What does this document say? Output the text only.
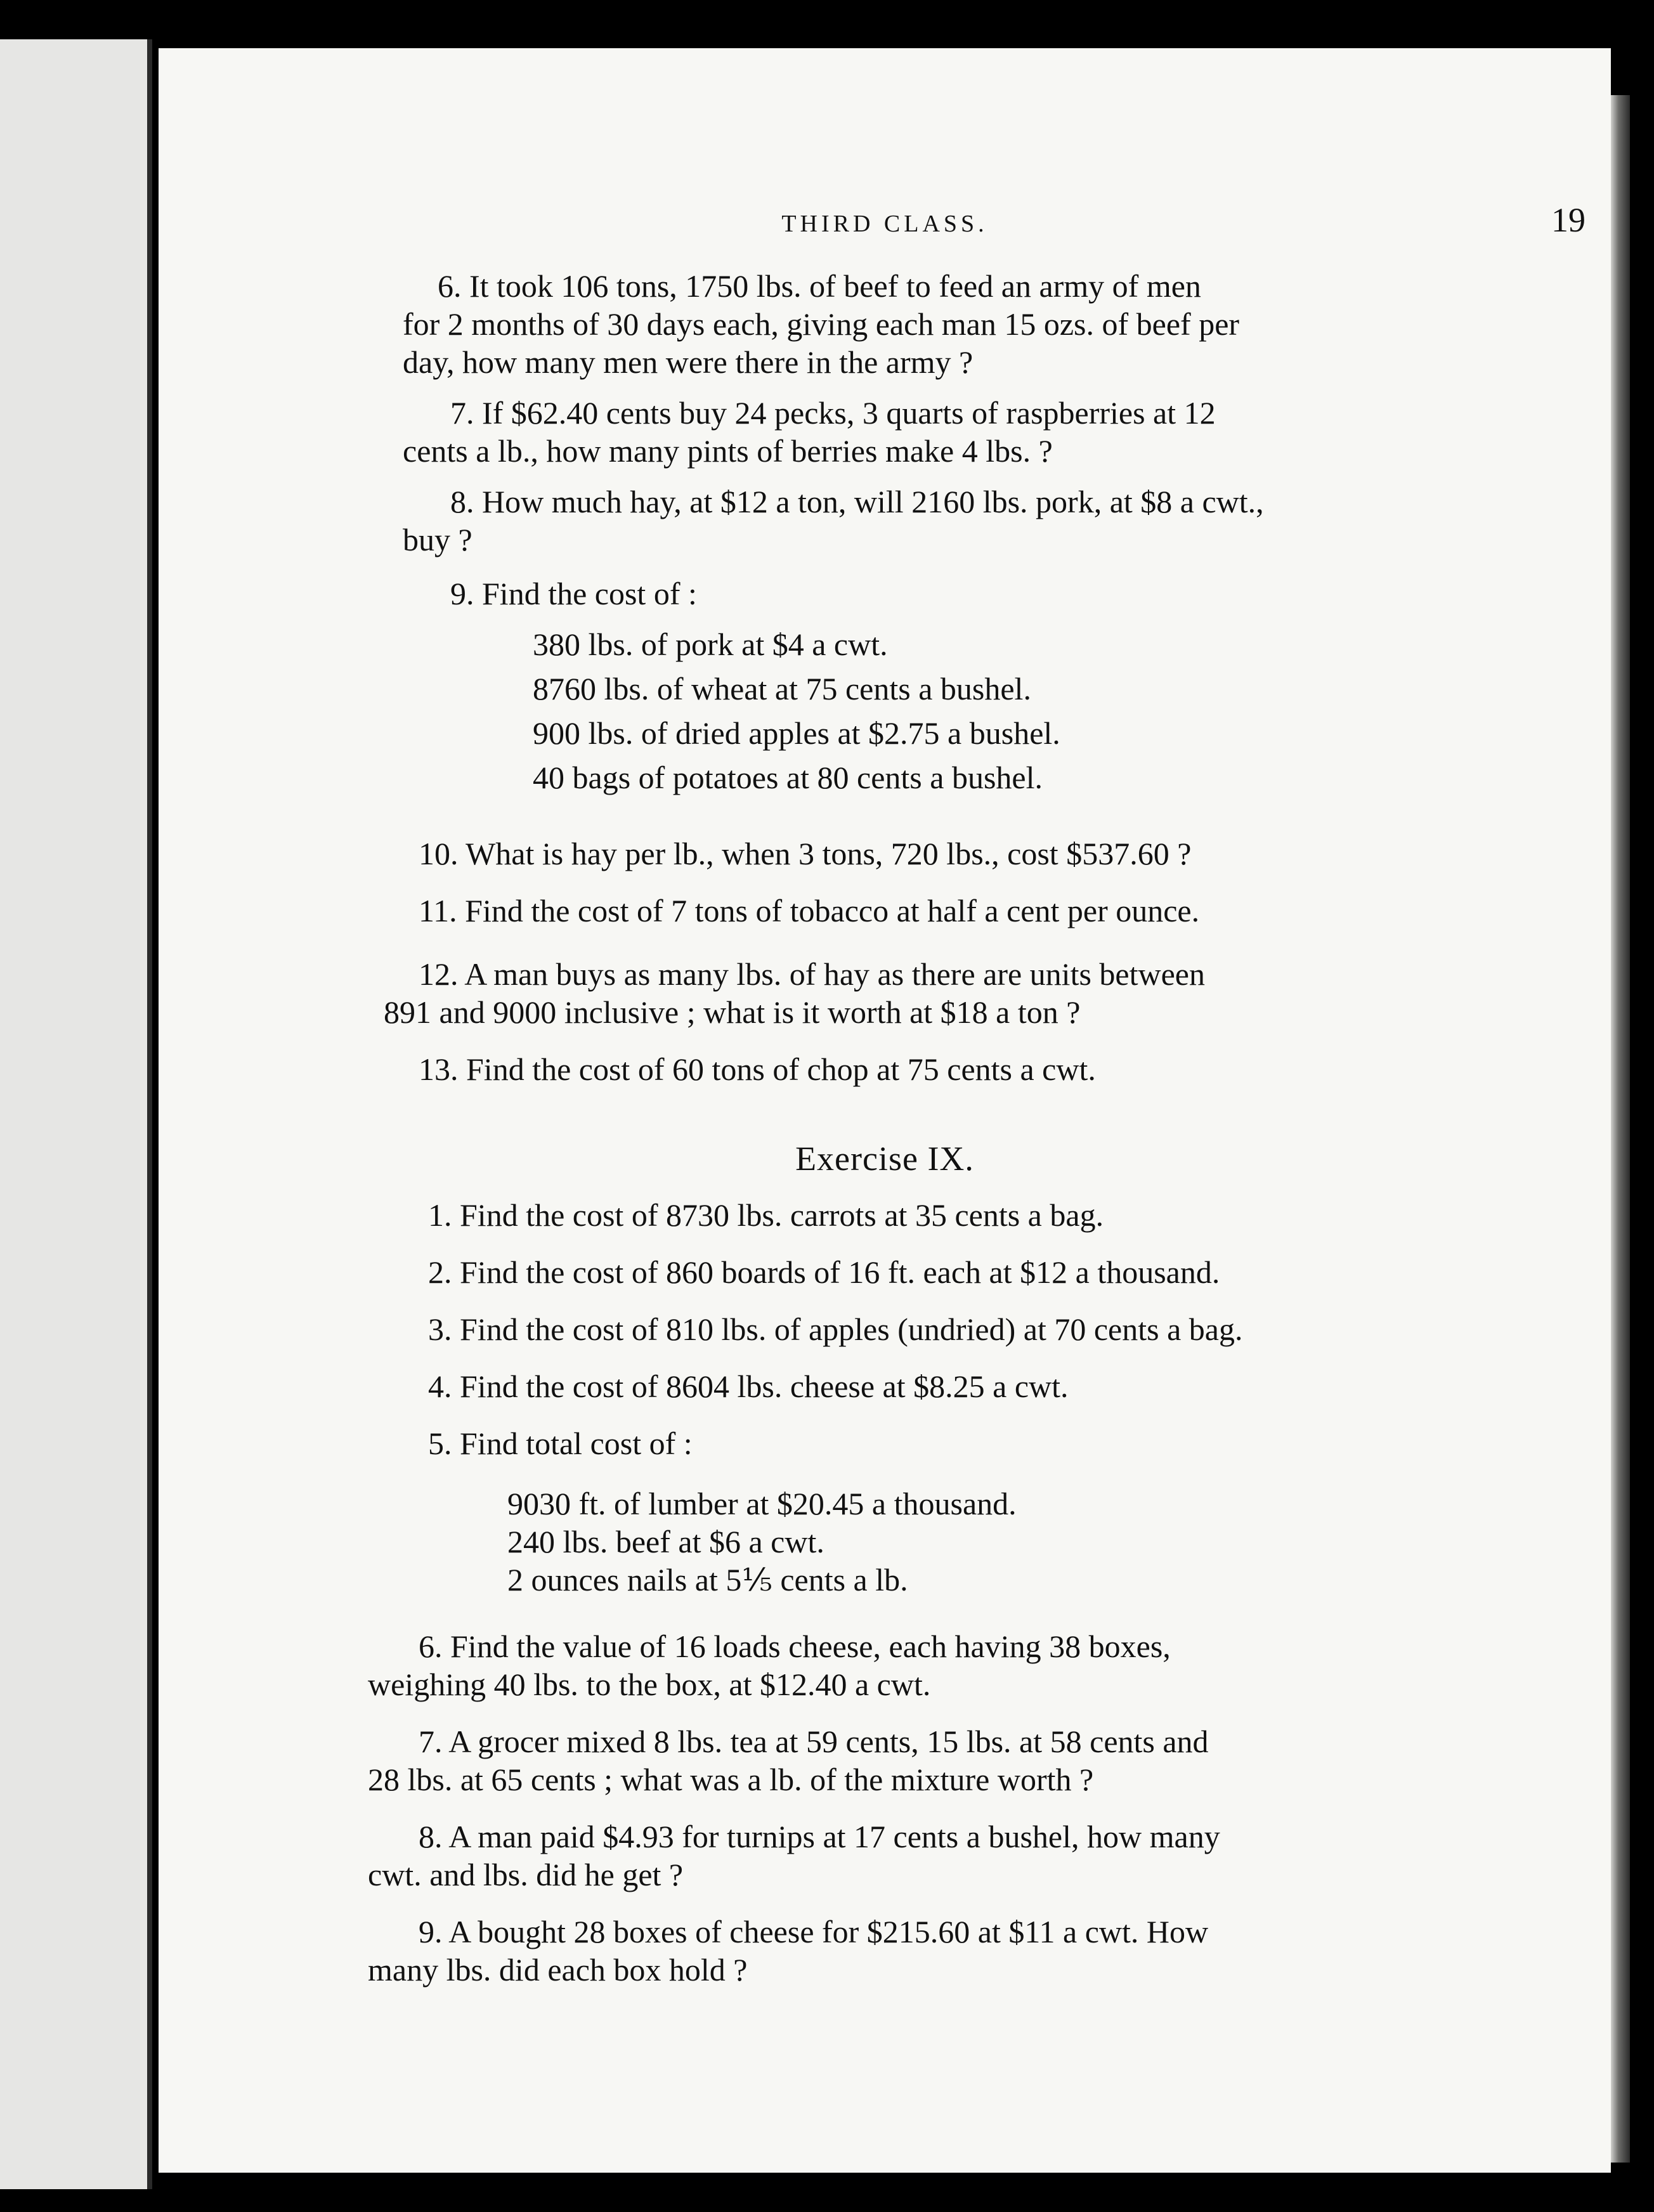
THIRD CLASS.	19
6. It took 106 tons, 1750 lbs. of beef to feed an army of men
for 2 months of 30 days each, giving each man 15 ozs. of beef per
day, how many men were there in the army ?
7. If $62.40 cents buy 24 pecks, 3 quarts of raspberries at 12
cents a lb., how many pints of berries make 4 lbs. ?
8. How much hay, at $12 a ton, will 2160 lbs. pork, at $8 a cwt.,
buy ?
9. Find the cost of :
380 lbs. of pork at $4 a cwt.
8760 lbs. of wheat at 75 cents a bushel.
900 lbs. of dried apples at $2.75 a bushel.
40 bags of potatoes at 80 cents a bushel.
10. What is hay per lb., when 3 tons, 720 lbs., cost $537.60 ?
11. Find the cost of 7 tons of tobacco at half a cent per ounce.
12. A man buys as many lbs. of hay as there are units between
891 and 9000 inclusive ; what is it worth at $18 a ton ?
13. Find the cost of 60 tons of chop at 75 cents a cwt.
Exercise IX.
1. Find the cost of 8730 lbs. carrots at 35 cents a bag.
2. Find the cost of 860 boards of 16 ft. each at $12 a thousand.
3. Find the cost of 810 lbs. of apples (undried) at 70 cents a bag.
4. Find the cost of 8604 lbs. cheese at $8.25 a cwt.
5. Find total cost of :
9030 ft. of lumber at $20.45 a thousand.
240 lbs. beef at $6 a cwt.
2 ounces nails at 5⅕ cents a lb.
6. Find the value of 16 loads cheese, each having 38 boxes,
weighing 40 lbs. to the box, at $12.40 a cwt.
7. A grocer mixed 8 lbs. tea at 59 cents, 15 lbs. at 58 cents and
28 lbs. at 65 cents ; what was a lb. of the mixture worth ?
8. A man paid $4.93 for turnips at 17 cents a bushel, how many
cwt. and lbs. did he get ?
9. A bought 28 boxes of cheese for $215.60 at $11 a cwt. How
many lbs. did each box hold ?
